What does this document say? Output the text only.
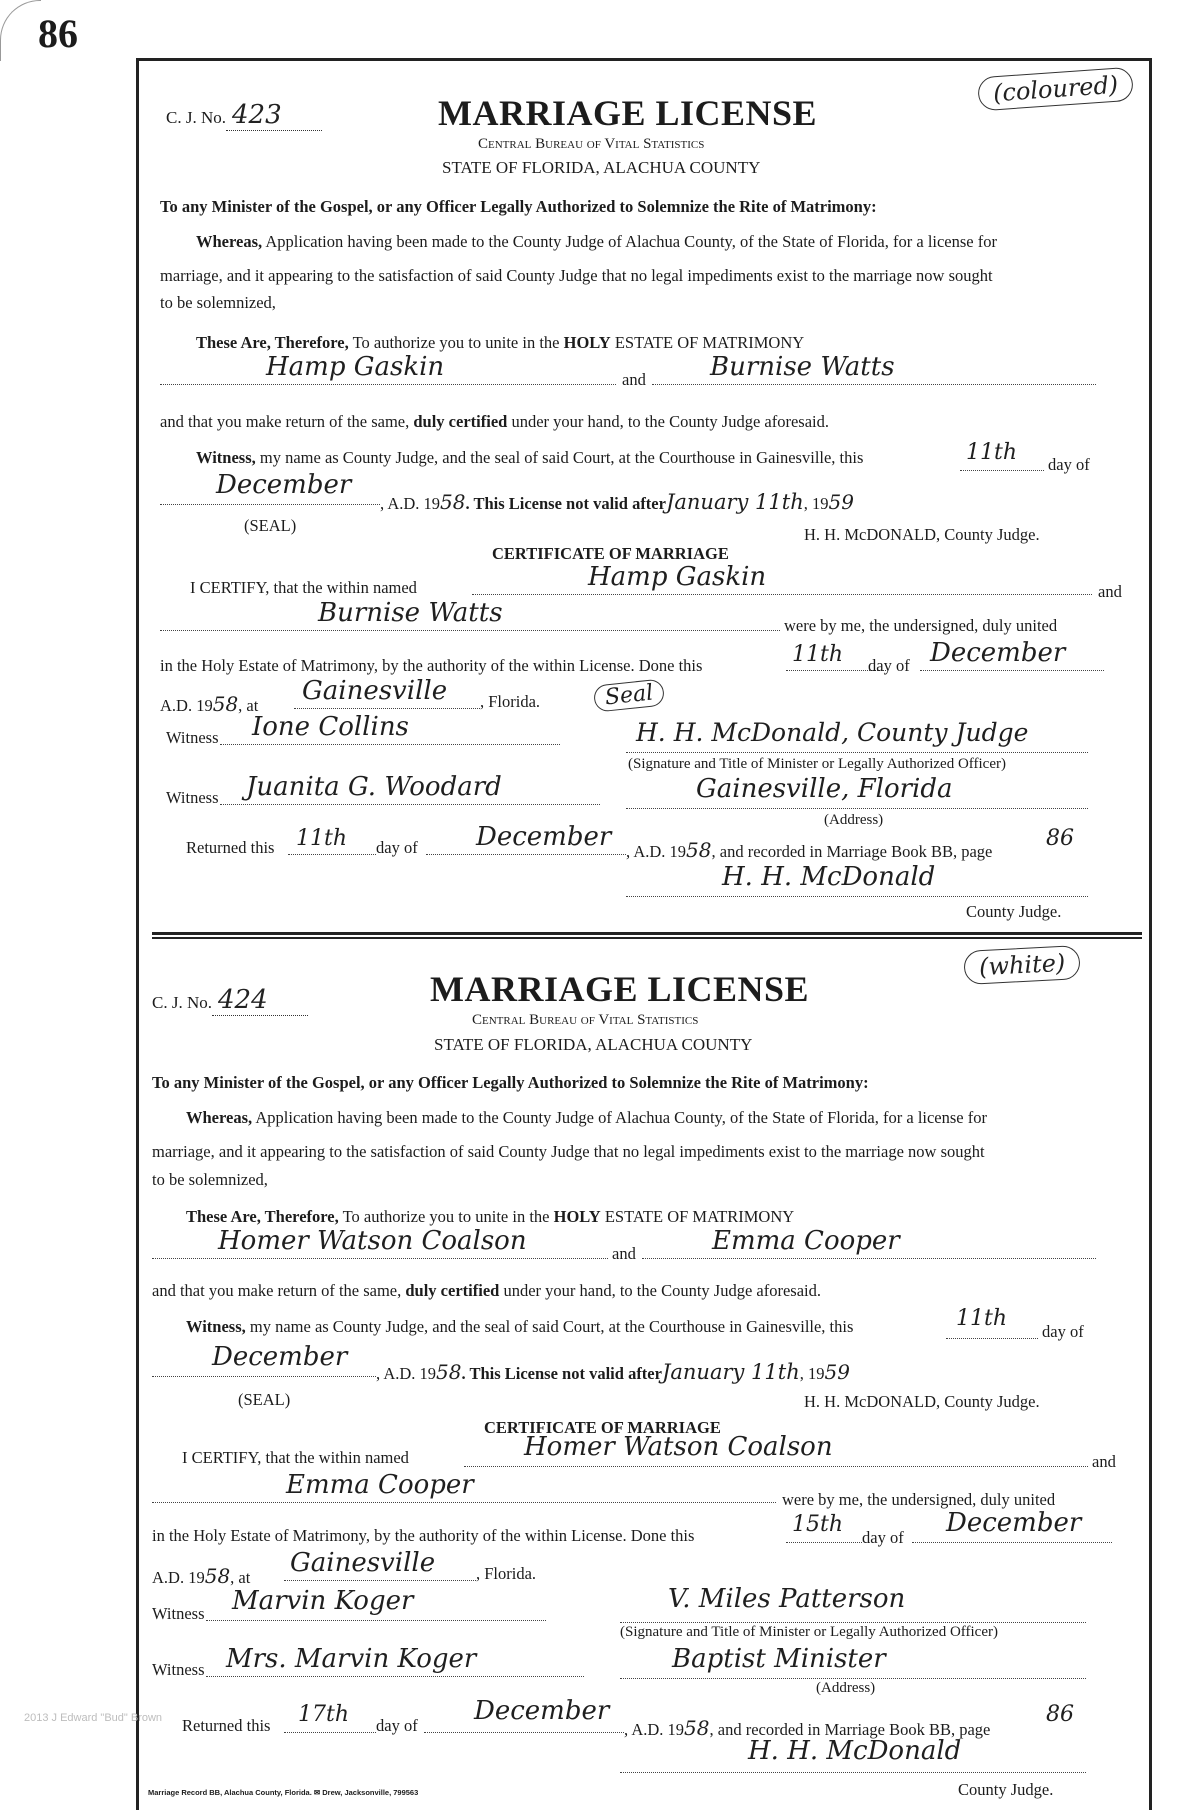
86
C. J. No. 423	MARRIAGE LICENSE
(coloured)
Central Bureau of Vital Statistics
STATE OF FLORIDA, ALACHUA COUNTY
To any Minister of the Gospel, or any Officer Legally Authorized to Solemnize the Rite of Matrimony:
Whereas, Application having been made to the County Judge of Alachua County, of the State of Florida, for a license for
marriage, and it appearing to the satisfaction of said County Judge that no legal impediments exist to the marriage now sought
to be solemnized,
These Are, Therefore, To authorize you to unite in the HOLY ESTATE OF MATRIMONY
Hamp Gaskin	and Burnise Watts
and that you make return of the same, duly certified under your hand, to the County Judge aforesaid.
Witness, my name as County Judge, and the seal of said Court, at the Courthouse in Gainesville, this	11th day of
December
, A.D. 1958. This License not valid afterJanuary 11th, 1959
(SEAL)	H. H. McDONALD, County Judge.
CERTIFICATE OF MARRIAGE
I CERTIFY, that the within named	Hamp Gaskin	and
Burnise Watts	were by me, the undersigned, duly united
in the Holy Estate of Matrimony, by the authority of the within License. Done this	11th day of December
A.D. 1958, at Gainesville , Florida.	Seal
Witness Ione Collins	H. H. McDonald, County Judge
(Signature and Title of Minister or Legally Authorized Officer)
Witness Juanita G. Woodard	Gainesville, Florida
(Address)
Returned this 11th day of December , A.D. 1958, and recorded in Marriage Book BB, page
86
H. H. McDonald
County Judge.
C. J. No. 424	MARRIAGE LICENSE
(white)
Central Bureau of Vital Statistics
STATE OF FLORIDA, ALACHUA COUNTY
To any Minister of the Gospel, or any Officer Legally Authorized to Solemnize the Rite of Matrimony:
Whereas, Application having been made to the County Judge of Alachua County, of the State of Florida, for a license for
marriage, and it appearing to the satisfaction of said County Judge that no legal impediments exist to the marriage now sought
to be solemnized,
These Are, Therefore, To authorize you to unite in the HOLY ESTATE OF MATRIMONY
Homer Watson Coalson	and	Emma Cooper
and that you make return of the same, duly certified under your hand, to the County Judge aforesaid.
Witness, my name as County Judge, and the seal of said Court, at the Courthouse in Gainesville, this	11th
day of
December
, A.D. 1958. This License not valid afterJanuary 11th, 1959
(SEAL)	H. H. McDONALD, County Judge.
CERTIFICATE OF MARRIAGE
I CERTIFY, that the within named	Homer Watson Coalson	and
Emma Cooper	were by me, the undersigned, duly united
in the Holy Estate of Matrimony, by the authority of the within License. Done this	15th
day of December
A.D. 1958, at Gainesville , Florida.
Witness Marvin Koger	V. Miles Patterson
(Signature and Title of Minister or Legally Authorized Officer)
Witness Mrs. Marvin Koger	Baptist Minister
(Address)
Returned this 17th day of December
, A.D. 1958, and recorded in Marriage Book BB, page
86
H. H. McDonald
County Judge.
2013 J Edward "Bud" Brown
Marriage Record BB, Alachua County, Florida. ✉ Drew, Jacksonville, 799563
